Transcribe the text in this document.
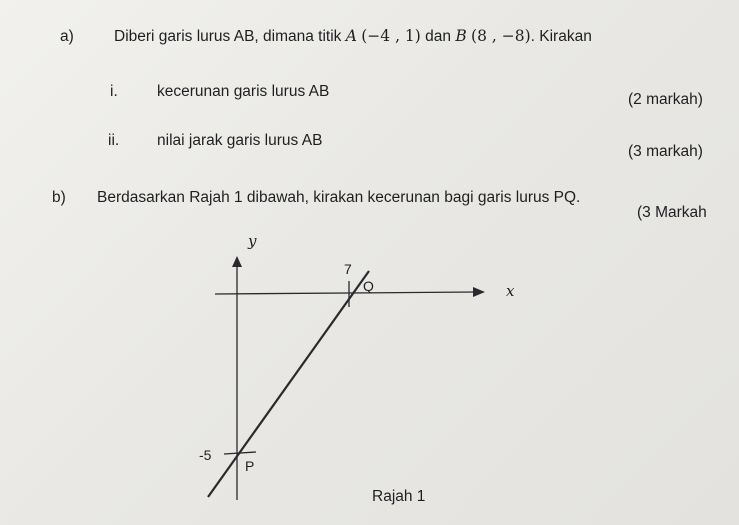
a)	Diberi garis lurus AB, dimana titik A (−4 , 1) dan B (8 , −8). Kirakan
i.	kecerunan garis lurus AB	(2 markah)
ii. nilai jarak garis lurus AB
(3 markah)
b) Berdasarkan Rajah 1 dibawah, kirakan kecerunan bagi garis lurus PQ.
(3 Markah
y
x
7
Q
-5
P
Rajah 1
